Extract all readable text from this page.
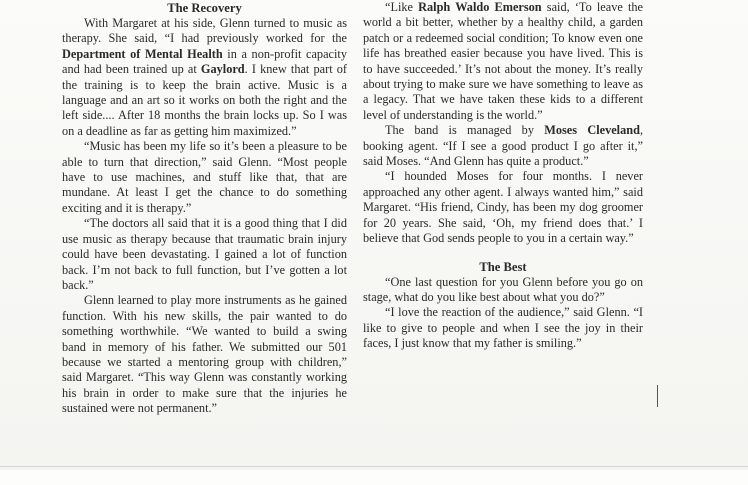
The Recovery

With Margaret at his side, Glenn turned to music as therapy. She said, “I had previously worked for the Department of Mental Health in a non-profit capacity and had been trained up at Gaylord. I knew that part of the training is to keep the brain active. Music is a language and an art so it works on both the right and the left side.... After 18 months the brain locks up. So I was on a deadline as far as getting him maximized.”

“Music has been my life so it’s been a pleasure to be able to turn that direction,” said Glenn. “Most people have to use machines, and stuff like that, that are mundane. At least I get the chance to do something exciting and it is therapy.”

“The doctors all said that it is a good thing that I did use music as therapy because that traumatic brain injury could have been devastating. I gained a lot of function back. I’m not back to full function, but I’ve gotten a lot back.”

Glenn learned to play more instruments as he gained function. With his new skills, the pair wanted to do something worthwhile. “We wanted to build a swing band in memory of his father. We submitted our 501 because we started a mentoring group with children,” said Margaret. “This way Glenn was constantly working his brain in order to make sure that the injuries he sustained were not permanent.”

“Like Ralph Waldo Emerson said, ‘To leave the world a bit better, whether by a healthy child, a garden patch or a redeemed social condition; To know even one life has breathed easier because you have lived. This is to have succeeded.’ It’s not about the money. It’s really about trying to make sure we have something to leave as a legacy. That we have taken these kids to a different level of understanding is the world.”

The band is managed by Moses Cleveland, booking agent. “If I see a good product I go after it,” said Moses. “And Glenn has quite a product.”

“I hounded Moses for four months. I never approached any other agent. I always wanted him,” said Margaret. “His friend, Cindy, has been my dog groomer for 20 years. She said, ‘Oh, my friend does that.’ I believe that God sends people to you in a certain way.”

The Best

“One last question for you Glenn before you go on stage, what do you like best about what you do?”

“I love the reaction of the audience,” said Glenn. “I like to give to people and when I see the joy in their faces, I just know that my father is smiling.”
